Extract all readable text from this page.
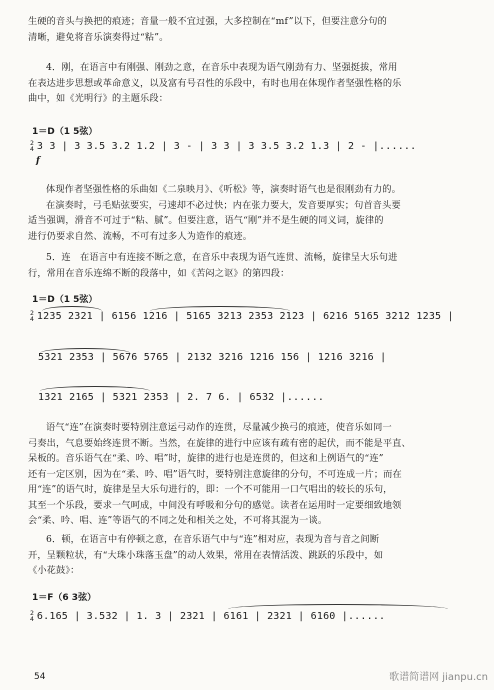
生硬的音头与换把的痕迹；音量一般不宜过强，大多控制在“mf”以下，但要注意分句的
清晰，避免将音乐演奏得过“粘”。

4．刚，在语言中有刚强、刚劲之意，在音乐中表现为语气刚劲有力、坚强挺拔，常用
在表达进步思想或革命意义，以及富有号召性的乐段中，有时也用在体现作者坚强性格的乐
曲中，如《光明行》的主题乐段：

1＝D（1 5弦）
2
4 3 3 | 3 3.5 3.2 1.2 | 3 - | 3 3 | 3 3.5 3.2 1.3 | 2 - |......
f

体现作者坚强性格的乐曲如《二泉映月》、《听松》等，演奏时语气也是很刚劲有力的。
在演奏时，弓毛贴弦要实，弓速却不必过快；内在张力要大，发音要厚实；句首音头要
适当强调，滑音不可过于“粘、腻”。但要注意，语气“刚”并不是生硬的同义词，旋律的
进行仍要求自然、流畅，不可有过多人为造作的痕迹。

5．连　在语言中有连接不断之意，在音乐中表现为语气连贯、流畅，旋律呈大乐句进
行，常用在音乐连绵不断的段落中，如《苦闷之讴》的第四段：

1＝D（1 5弦）
2
4 1235 2321 | 6156 1216 | 5165 3213 2353 2123 | 6216 5165 3212 1235 |
5321 2353 | 5676 5765 | 2132 3216 1216 156 | 1216 3216 |
1321 2165 | 5321 2353 | 2. 7 6. | 6532 |......

语气“连”在演奏时要特别注意运弓动作的连贯，尽量减少换弓的痕迹，使音乐如同一
弓奏出，气息要始终连贯不断。当然，在旋律的进行中应该有疏有密的起伏，而不能是平直、
呆板的。音乐语气在“柔、吟、唱”时，旋律的进行也是连贯的，但这和上例语气的“连”
还有一定区别，因为在“柔、吟、唱”语气时，要特别注意旋律的分句，不可连成一片；而在
用“连”的语气时，旋律是呈大乐句进行的，即：一个不可能用一口气唱出的较长的乐句，
其至一个乐段，要求一气呵成，中间没有呼吸和分句的感觉。读者在运用时一定要细致地领
会“柔、吟、唱、连”等语气的不同之处和相关之处，不可将其混为一谈。

6．顿，在语言中有停顿之意，在音乐语气中与“连”相对应，表现为音与音之间断
开，呈颗粒状，有“大珠小珠落玉盘”的动人效果，常用在表情活泼、跳跃的乐段中，如
《小花鼓》：

1＝F（6 3弦）
2
4 6.165 | 3.532 | 1. 3 | 2321 | 6161 | 2321 | 6160 |......
54	歌谱简谱网 jianpu.cn
